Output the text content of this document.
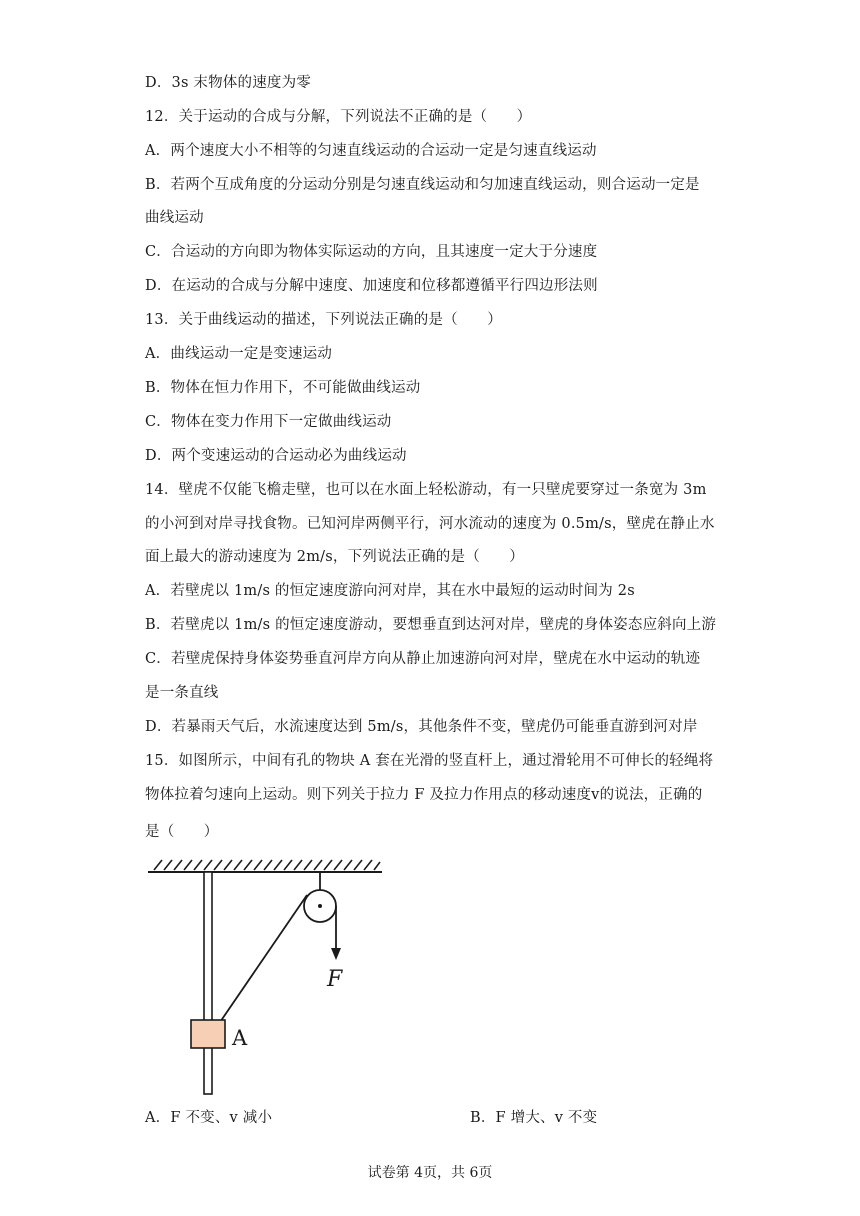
D．3s 末物体的速度为零
12．关于运动的合成与分解，下列说法不正确的是（　　）
A．两个速度大小不相等的匀速直线运动的合运动一定是匀速直线运动
B．若两个互成角度的分运动分别是匀速直线运动和匀加速直线运动，则合运动一定是
曲线运动
C．合运动的方向即为物体实际运动的方向，且其速度一定大于分速度
D．在运动的合成与分解中速度、加速度和位移都遵循平行四边形法则
13．关于曲线运动的描述，下列说法正确的是（　　）
A．曲线运动一定是变速运动
B．物体在恒力作用下，不可能做曲线运动
C．物体在变力作用下一定做曲线运动
D．两个变速运动的合运动必为曲线运动
14．壁虎不仅能飞檐走壁，也可以在水面上轻松游动，有一只壁虎要穿过一条宽为 3m
的小河到对岸寻找食物。已知河岸两侧平行，河水流动的速度为 0.5m/s，壁虎在静止水
面上最大的游动速度为 2m/s，下列说法正确的是（　　）
A．若壁虎以 1m/s 的恒定速度游向河对岸，其在水中最短的运动时间为 2s
B．若壁虎以 1m/s 的恒定速度游动，要想垂直到达河对岸，壁虎的身体姿态应斜向上游
C．若壁虎保持身体姿势垂直河岸方向从静止加速游向河对岸，壁虎在水中运动的轨迹
是一条直线
D．若暴雨天气后，水流速度达到 5m/s，其他条件不变，壁虎仍可能垂直游到河对岸
15．如图所示，中间有孔的物块 A 套在光滑的竖直杆上，通过滑轮用不可伸长的轻绳将
物体拉着匀速向上运动。则下列关于拉力 F 及拉力作用点的移动速度v的说法，正确的
是（　　）
F
A
A．F 不变、v 减小	B．F 增大、v 不变
试卷第 4页，共 6页
